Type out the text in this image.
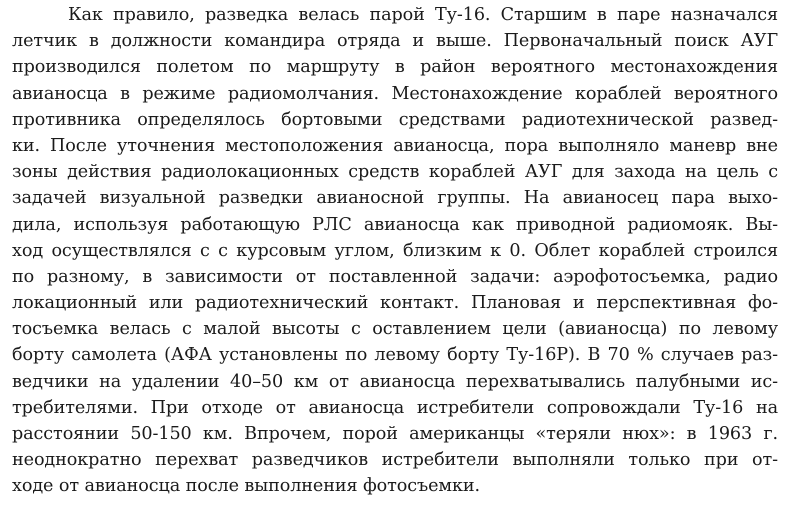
Как правило, разведка велась парой Ту-16. Старшим в паре назначался
летчик в должности командира отряда и выше. Первоначальный поиск АУГ
производился полетом по маршруту в район вероятного местонахождения
авианосца в режиме радиомолчания. Местонахождение кораблей вероятного
противника определялось бортовыми средствами радиотехнической развед-
ки. После уточнения местоположения авианосца, пора выполняло маневр вне
зоны действия радиолокационных средств кораблей АУГ для захода на цель с
задачей визуальной разведки авианосной группы. На авианосец пара выхо-
дила, используя работающую РЛС авианосца как приводной радиомояк. Вы-
ход осуществлялся с с курсовым углом, близким к 0. Облет кораблей строился
по разному, в зависимости от поставленной задачи: аэрофотосъемка, радио
локационный или радиотехнический контакт. Плановая и перспективная фо-
тосъемка велась с малой высоты с оставлением цели (авианосца) по левому
борту самолета (АФА установлены по левому борту Ту-16Р). В 70 % случаев раз-
ведчики на удалении 40–50 км от авианосца перехватывались палубными ис-
требителями. При отходе от авианосца истребители сопровождали Ту-16 на
расстоянии 50-150 км. Впрочем, порой американцы «теряли нюх»: в 1963 г.
неоднократно перехват разведчиков истребители выполняли только при от-
ходе от авианосца после выполнения фотосъемки.
